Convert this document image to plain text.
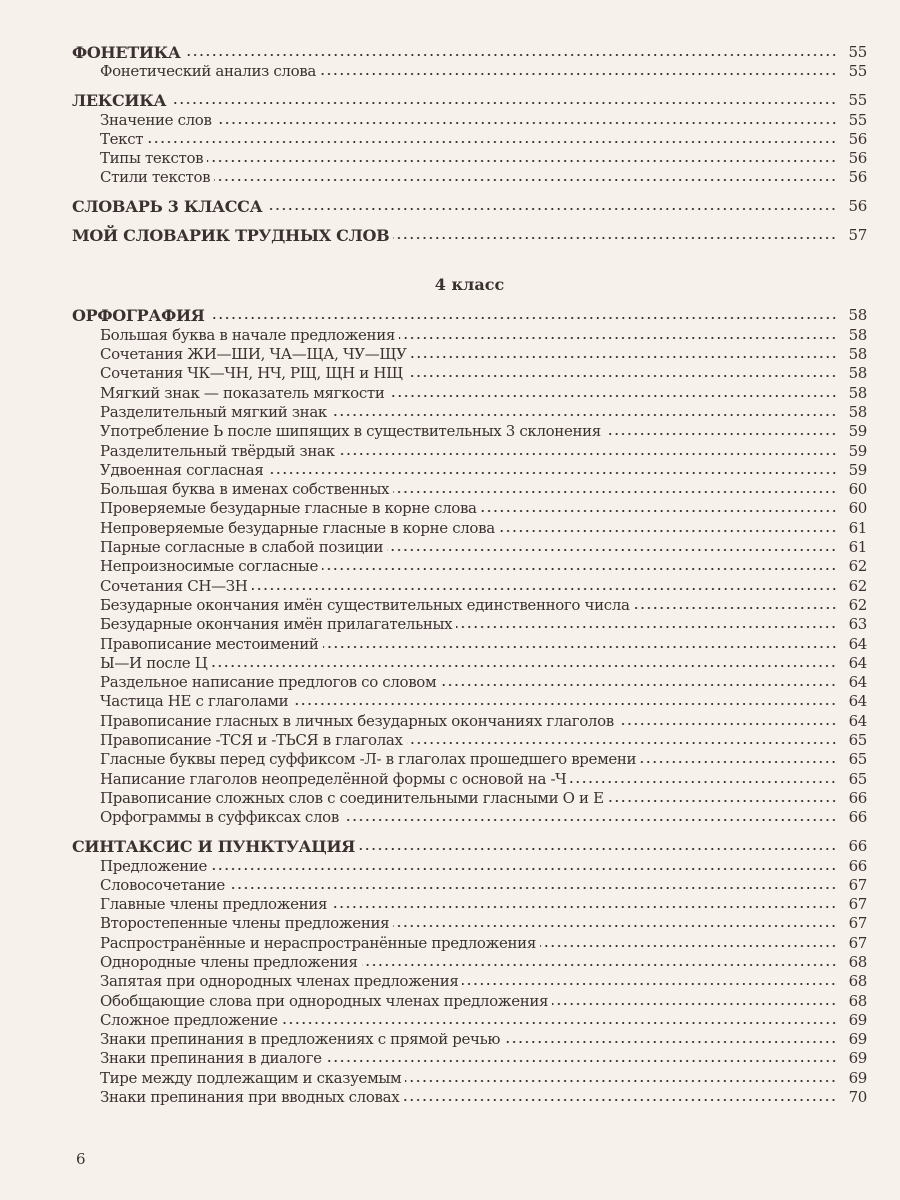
ФОНЕТИКА	55
Фонетический анализ слова	55
ЛЕКСИКА	55
Значение слов	55
Текст	56
Типы текстов	56
Стили текстов	56
СЛОВАРЬ 3 КЛАССА	56
МОЙ СЛОВАРИК ТРУДНЫХ СЛОВ	57
4 класс
ОРФОГРАФИЯ	58
Большая буква в начале предложения	58
Сочетания ЖИ—ШИ, ЧА—ЩА, ЧУ—ЩУ	58
Сочетания ЧК—ЧН, НЧ, РЩ, ЩН и НЩ	58
Мягкий знак — показатель мягкости	58
Разделительный мягкий знак	58
Употребление Ь после шипящих в существительных 3 склонения	59
Разделительный твёрдый знак	59
Удвоенная согласная	59
Большая буква в именах собственных	60
Проверяемые безударные гласные в корне слова	60
Непроверяемые безударные гласные в корне слова	61
Парные согласные в слабой позиции	61
Непроизносимые согласные	62
Сочетания СН—ЗН	62
Безударные окончания имён существительных единственного числа	62
Безударные окончания имён прилагательных	63
Правописание местоимений	64
Ы—И после Ц	64
Раздельное написание предлогов со словом	64
Частица НЕ с глаголами	64
Правописание гласных в личных безударных окончаниях глаголов	64
Правописание -ТСЯ и -ТЬСЯ в глаголах	65
Гласные буквы перед суффиксом -Л- в глаголах прошедшего времени	65
Написание глаголов неопределённой формы с основой на -Ч	65
Правописание сложных слов с соединительными гласными О и Е	66
Орфограммы в суффиксах слов	66
СИНТАКСИС И ПУНКТУАЦИЯ	66
Предложение	66
Словосочетание	67
Главные члены предложения	67
Второстепенные члены предложения	67
Распространённые и нераспространённые предложения	67
Однородные члены предложения	68
Запятая при однородных членах предложения	68
Обобщающие слова при однородных членах предложения	68
Сложное предложение	69
Знаки препинания в предложениях с прямой речью	69
Знаки препинания в диалоге	69
Тире между подлежащим и сказуемым	69
Знаки препинания при вводных словах	70
6
